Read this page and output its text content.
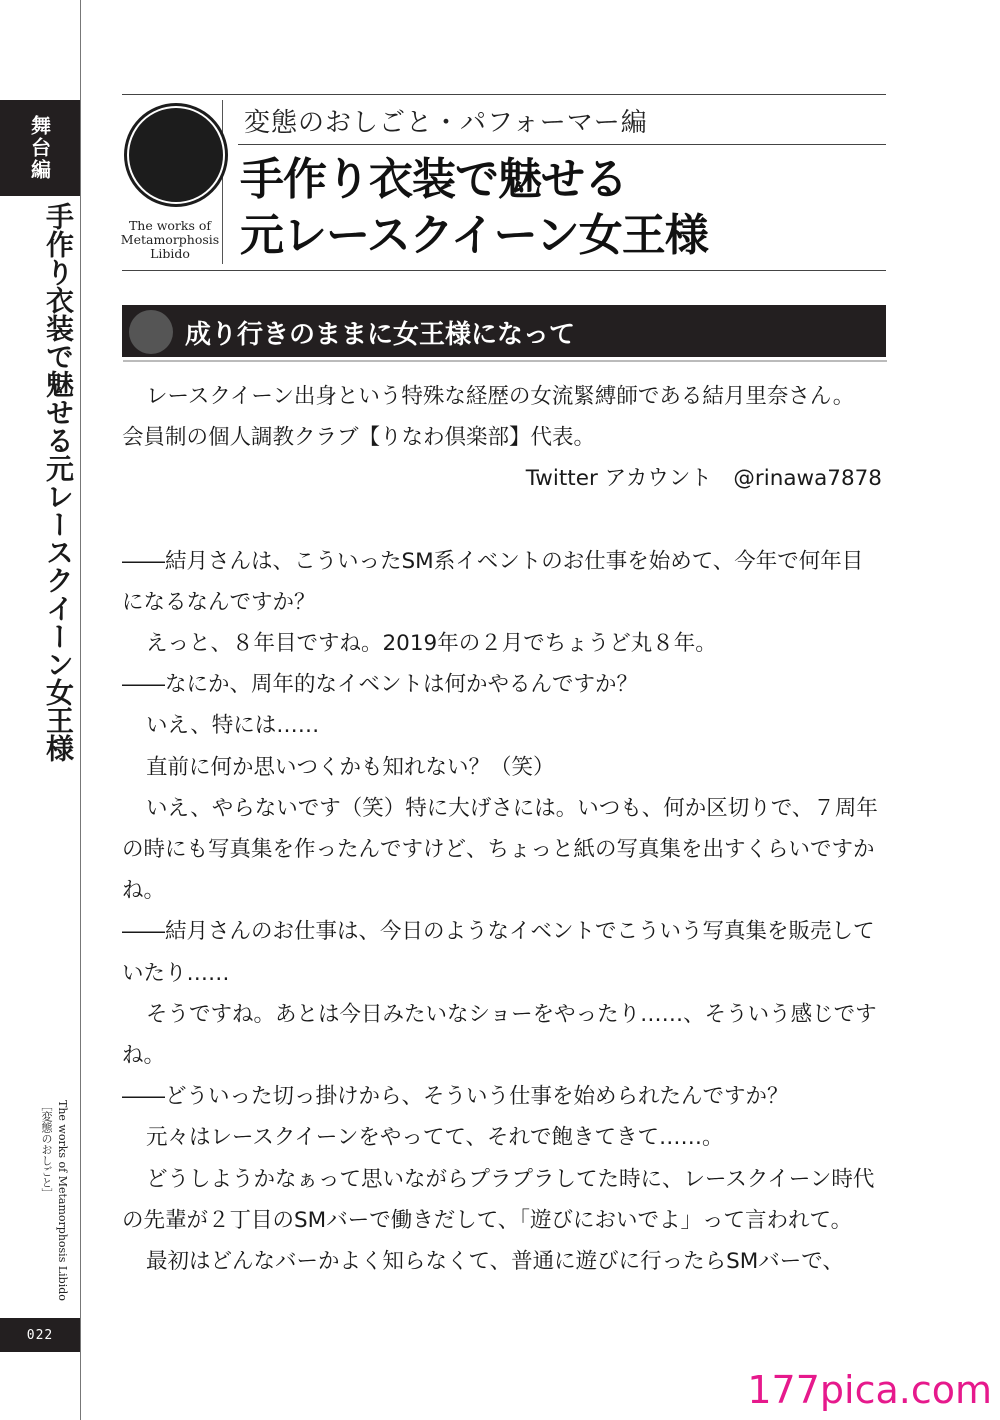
舞台編
手作り衣装で魅せる元レースクイーン女王様
The works of Metamorphosis Libido
［変態のおしごと］
022
The works of
Metamorphosis
Libido
変態のおしごと・パフォーマー編
手作り衣装で魅せる
元レースクイーン女王様
成り行きのままに女王様になって

レースクイーン出身という特殊な経歴の女流緊縛師である結月里奈さん。

会員制の個人調教クラブ【りなわ倶楽部】代表。

Twitter アカウント　@rinawa7878

――結月さんは、こういったSM系イベントのお仕事を始めて、今年で何年目になるなんですか？

えっと、８年目ですね。2019年の２月でちょうど丸８年。

――なにか、周年的なイベントは何かやるんですか？

いえ、特には……

直前に何か思いつくかも知れない？（笑）

いえ、やらないです（笑）特に大げさには。いつも、何か区切りで、７周年の時にも写真集を作ったんですけど、ちょっと紙の写真集を出すくらいですかね。

――結月さんのお仕事は、今日のようなイベントでこういう写真集を販売していたり……

そうですね。あとは今日みたいなショーをやったり……、そういう感じですね。

――どういった切っ掛けから、そういう仕事を始められたんですか？

元々はレースクイーンをやってて、それで飽きてきて……。

どうしようかなぁって思いながらプラプラしてた時に、レースクイーン時代の先輩が２丁目のSMバーで働きだして、「遊びにおいでよ」って言われて。

最初はどんなバーかよく知らなくて、普通に遊びに行ったらSMバーで、

177pica.com
